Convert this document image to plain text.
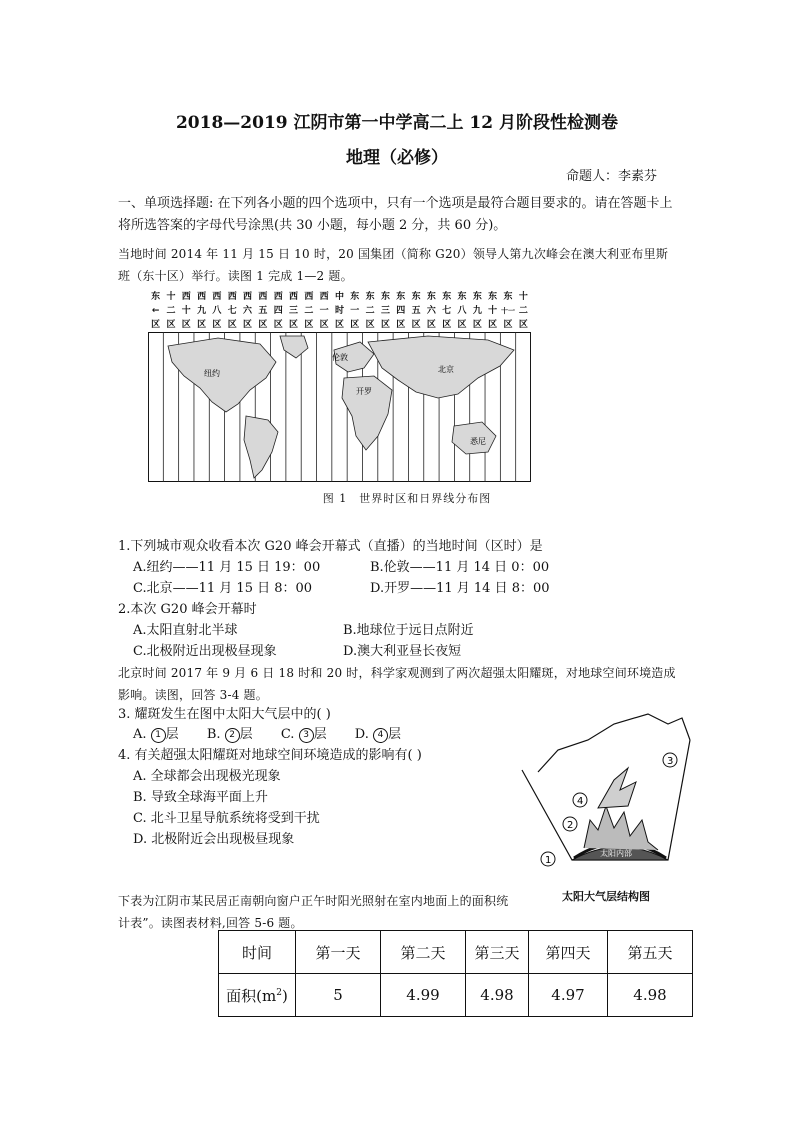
2018—2019 江阴市第一中学高二上 12 月阶段性检测卷
地理（必修）
命题人：李素芬
一、单项选择题: 在下列各小题的四个选项中，只有一个选项是最符合题目要求的。请在答题卡上将所选答案的字母代号涂黑(共 30 小题，每小题 2 分，共 60 分)。
当地时间 2014 年 11 月 15 日 10 时，20 国集团（简称 G20）领导人第九次峰会在澳大利亚布里斯班（东十区）举行。读图 1 完成 1—2 题。
东
←
区
十
二
区
西
十
区
西
九
区
西
八
区
西
七
区
西
六
区
西
五
区
西
四
区
西
三
区
西
二
区
西
一
区
中
时
区
东
一
区
东
二
区
东
三
区
东
四
区
东
五
区
东
六
区
东
七
区
东
八
区
东
九
区
东
十
区
东
十一
区
十
二
区
纽约
伦敦
开罗
北京
悉尼
图 1　世界时区和日界线分布图
1.下列城市观众收看本次 G20 峰会开幕式（直播）的当地时间（区时）是
A.纽约——11 月 15 日 19：00	B.伦敦——11 月 14 日 0：00
C.北京——11 月 15 日 8：00	D.开罗——11 月 14 日 8：00
2.本次 G20 峰会开幕时
A.太阳直射北半球	B.地球位于远日点附近
C.北极附近出现极昼现象	D.澳大利亚昼长夜短
北京时间 2017 年 9 月 6 日 18 时和 20 时，科学家观测到了两次超强太阳耀斑，对地球空间环境造成影响。读图，回答 3-4 题。
3. 耀斑发生在图中太阳大气层中的( )
A. 1 层 B. 2 层 C. 3 层 D. 4 层
4. 有关超强太阳耀斑对地球空间环境造成的影响有( )
A. 全球都会出现极光现象
B. 导致全球海平面上升
C. 北斗卫星导航系统将受到干扰
D. 北极附近会出现极昼现象
1
2
3
4
太阳内部
太阳大气层结构图
下表为江阴市某民居正南朝向窗户正午时阳光照射在室内地面上的面积统计表”。读图表材料,回答 5-6 题。
时间	第一天	第二天	第三天	第四天	第五天
面积$(m^2)$	5	4.99	4.98	4.97	4.98
